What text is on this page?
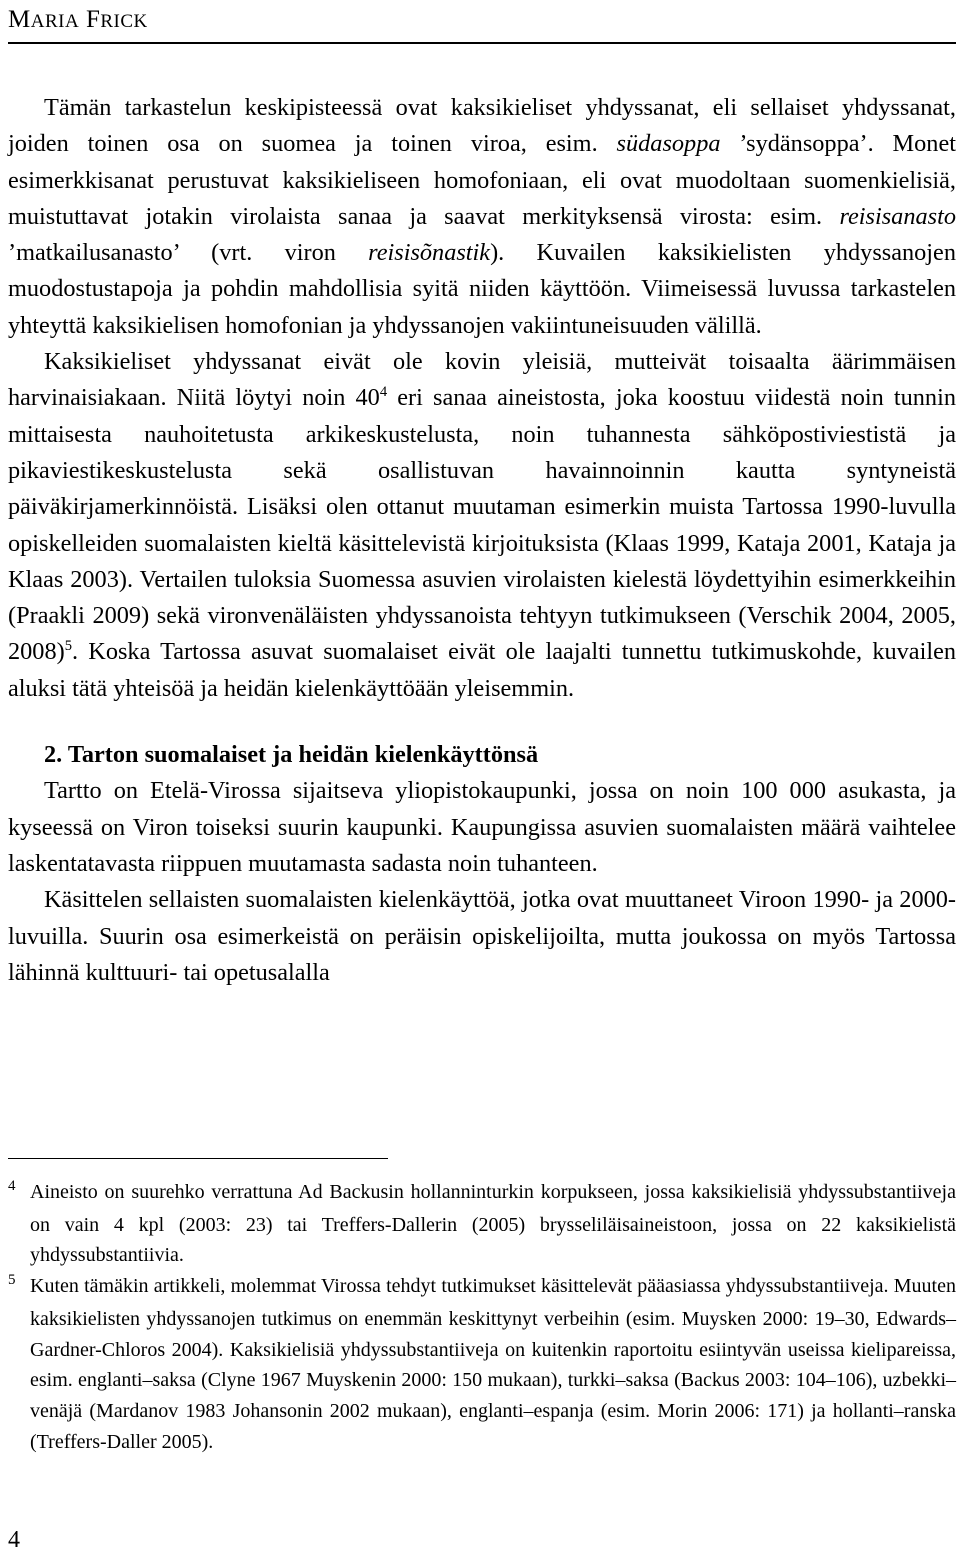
MARIA FRICK

Tämän tarkastelun keskipisteessä ovat kaksikieliset yhdyssanat, eli sellaiset yhdyssanat, joiden toinen osa on suomea ja toinen viroa, esim. südasoppa ’sydänsoppa’. Monet esimerkkisanat perustuvat kaksikieliseen homofoniaan, eli ovat muodoltaan suomenkielisiä, muistuttavat jotakin virolaista sanaa ja saavat merkityksensä virosta: esim. reisisanasto ’matkailusanasto’ (vrt. viron reisisõnastik). Kuvailen kaksikielisten yhdyssanojen muodostustapoja ja pohdin mahdollisia syitä niiden käyttöön. Viimeisessä luvussa tarkastelen yhteyttä kaksikielisen homofonian ja yhdyssanojen vakiintuneisuuden välillä.

Kaksikieliset yhdyssanat eivät ole kovin yleisiä, mutteivät toisaalta äärimmäisen harvinaisiakaan. Niitä löytyi noin $40^4$ eri sanaa aineistosta, joka koostuu viidestä noin tunnin mittaisesta nauhoitetusta arkikeskustelusta, noin tuhannesta sähköpostiviestistä ja pikaviestikeskustelusta sekä osallistuvan havainnoinnin kautta syntyneistä päiväkirjamerkinnöistä. Lisäksi olen ottanut muutaman esimerkin muista Tartossa 1990-luvulla opiskelleiden suomalaisten kieltä käsittelevistä kirjoituksista (Klaas 1999, Kataja 2001, Kataja ja Klaas 2003). Vertailen tuloksia Suomessa asuvien virolaisten kielestä löydettyihin esimerkkeihin (Praakli 2009) sekä vironvenäläisten yhdyssanoista tehtyyn tutkimukseen (Verschik 2004, 2005, 2008)$^5$. Koska Tartossa asuvat suomalaiset eivät ole laajalti tunnettu tutkimuskohde, kuvailen aluksi tätä yhteisöä ja heidän kielenkäyttöään yleisemmin.

2. Tarton suomalaiset ja heidän kielenkäyttönsä

Tartto on Etelä-Virossa sijaitseva yliopistokaupunki, jossa on noin 100 000 asukasta, ja kyseessä on Viron toiseksi suurin kaupunki. Kaupungissa asuvien suomalaisten määrä vaihtelee laskentatavasta riippuen muutamasta sadasta noin tuhanteen.

Käsittelen sellaisten suomalaisten kielenkäyttöä, jotka ovat muuttaneet Viroon 1990- ja 2000-luvuilla. Suurin osa esimerkeistä on peräisin opiskelijoilta, mutta joukossa on myös Tartossa lähinnä kulttuuri- tai opetusalalla

4 Aineisto on suurehko verrattuna Ad Backusin hollanninturkin korpukseen, jossa kaksikielisiä yhdyssubstantiiveja on vain 4 kpl (2003: 23) tai Treffers-Dallerin (2005) brysseliläisaineistoon, jossa on 22 kaksikielistä yhdyssubstantiivia.

5 Kuten tämäkin artikkeli, molemmat Virossa tehdyt tutkimukset käsittelevät pääasiassa yhdyssubstantiiveja. Muuten kaksikielisten yhdyssanojen tutkimus on enemmän keskittynyt verbeihin (esim. Muysken 2000: 19–30, Edwards–Gardner-Chloros 2004). Kaksikielisiä yhdyssubstantiiveja on kuitenkin raportoitu esiintyvän useissa kielipareissa, esim. englanti–saksa (Clyne 1967 Muyskenin 2000: 150 mukaan), turkki–saksa (Backus 2003: 104–106), uzbekki–venäjä (Mardanov 1983 Johansonin 2002 mukaan), englanti–espanja (esim. Morin 2006: 171) ja hollanti–ranska (Treffers-Daller 2005).

4
